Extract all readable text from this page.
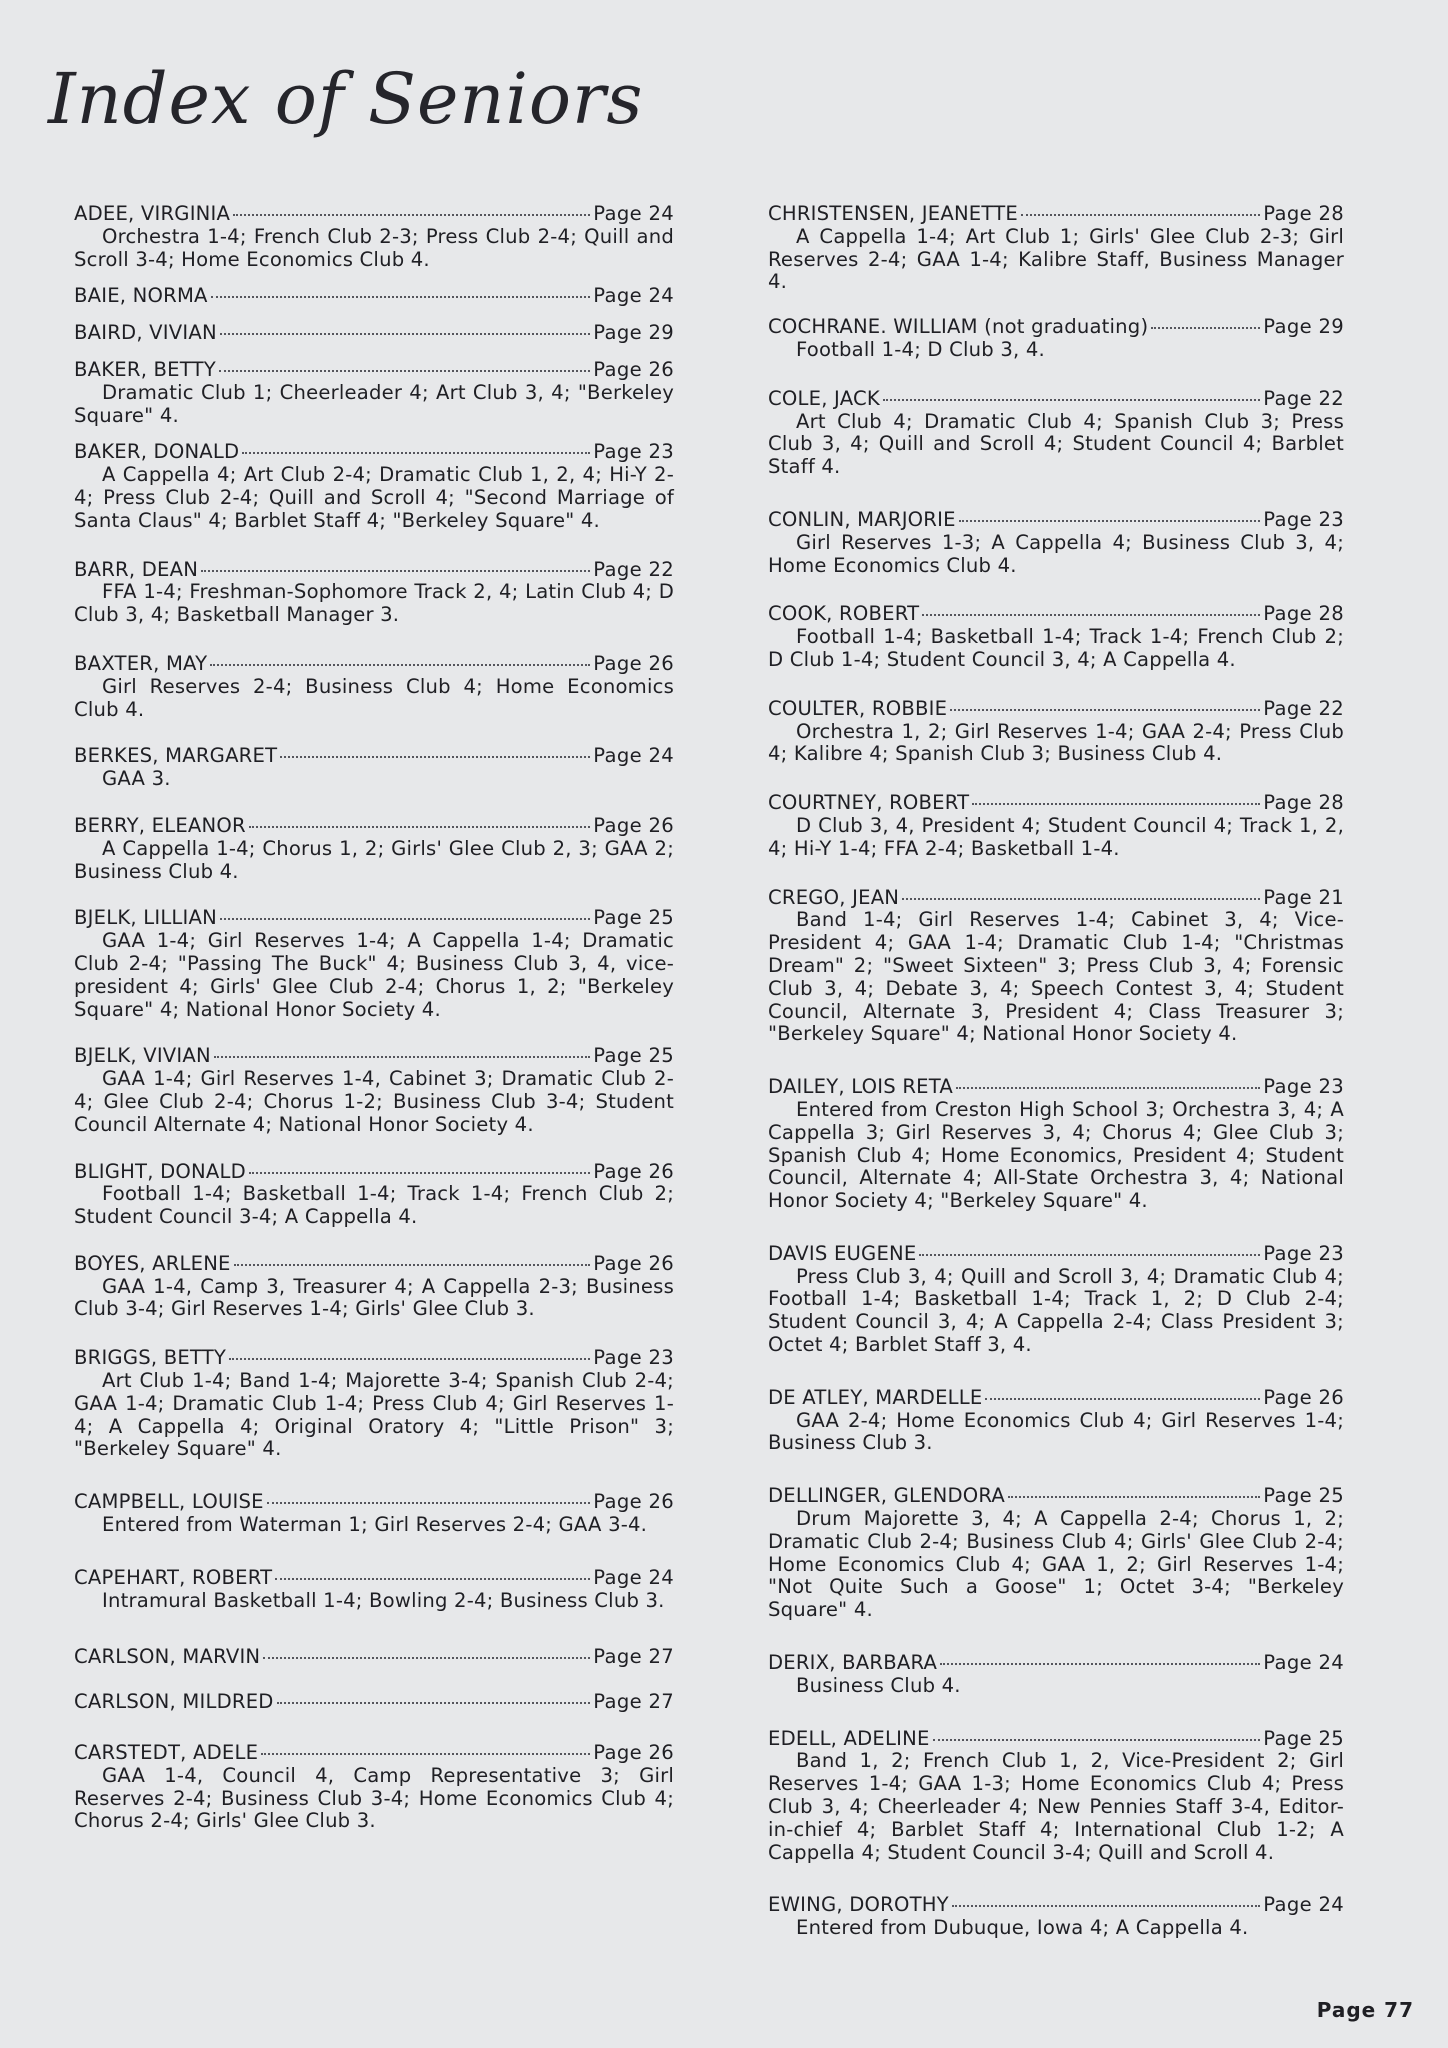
Index of Seniors
ADEE, VIRGINIA	Page 24
Orchestra 1-4; French Club 2-3; Press Club 2-4; Quill and Scroll 3-4; Home Economics Club 4.
BAIE, NORMA	Page 24
BAIRD, VIVIAN	Page 29
BAKER, BETTY	Page 26
Dramatic Club 1; Cheerleader 4; Art Club 3, 4; "Berkeley Square" 4.
BAKER, DONALD	Page 23
A Cappella 4; Art Club 2-4; Dramatic Club 1, 2, 4; Hi-Y 2-4; Press Club 2-4; Quill and Scroll 4; "Second Marriage of Santa Claus" 4; Barblet Staff 4; "Berkeley Square" 4.
BARR, DEAN	Page 22
FFA 1-4; Freshman-Sophomore Track 2, 4; Latin Club 4; D Club 3, 4; Basketball Manager 3.
BAXTER, MAY	Page 26
Girl Reserves 2-4; Business Club 4; Home Economics Club 4.
BERKES, MARGARET	Page 24
GAA 3.
BERRY, ELEANOR	Page 26
A Cappella 1-4; Chorus 1, 2; Girls' Glee Club 2, 3; GAA 2; Business Club 4.
BJELK, LILLIAN	Page 25
GAA 1-4; Girl Reserves 1-4; A Cappella 1-4; Dramatic Club 2-4; "Passing The Buck" 4; Business Club 3, 4, vice-president 4; Girls' Glee Club 2-4; Chorus 1, 2; "Berkeley Square" 4; National Honor Society 4.
BJELK, VIVIAN	Page 25
GAA 1-4; Girl Reserves 1-4, Cabinet 3; Dramatic Club 2-4; Glee Club 2-4; Chorus 1-2; Business Club 3-4; Student Council Alternate 4; National Honor Society 4.
BLIGHT, DONALD	Page 26
Football 1-4; Basketball 1-4; Track 1-4; French Club 2; Student Council 3-4; A Cappella 4.
BOYES, ARLENE	Page 26
GAA 1-4, Camp 3, Treasurer 4; A Cappella 2-3; Business Club 3-4; Girl Reserves 1-4; Girls' Glee Club 3.
BRIGGS, BETTY	Page 23
Art Club 1-4; Band 1-4; Majorette 3-4; Spanish Club 2-4; GAA 1-4; Dramatic Club 1-4; Press Club 4; Girl Reserves 1-4; A Cappella 4; Original Oratory 4; "Little Prison" 3; "Berkeley Square" 4.
CAMPBELL, LOUISE	Page 26
Entered from Waterman 1; Girl Reserves 2-4; GAA 3-4.
CAPEHART, ROBERT	Page 24
Intramural Basketball 1-4; Bowling 2-4; Business Club 3.
CARLSON, MARVIN	Page 27
CARLSON, MILDRED	Page 27
CARSTEDT, ADELE	Page 26
GAA 1-4, Council 4, Camp Representative 3; Girl Reserves 2-4; Business Club 3-4; Home Economics Club 4; Chorus 2-4; Girls' Glee Club 3.
CHRISTENSEN, JEANETTE	Page 28
A Cappella 1-4; Art Club 1; Girls' Glee Club 2-3; Girl Reserves 2-4; GAA 1-4; Kalibre Staff, Business Manager 4.
COCHRANE. WILLIAM (not graduating)	Page 29
Football 1-4; D Club 3, 4.
COLE, JACK	Page 22
Art Club 4; Dramatic Club 4; Spanish Club 3; Press Club 3, 4; Quill and Scroll 4; Student Council 4; Barblet Staff 4.
CONLIN, MARJORIE	Page 23
Girl Reserves 1-3; A Cappella 4; Business Club 3, 4; Home Economics Club 4.
COOK, ROBERT	Page 28
Football 1-4; Basketball 1-4; Track 1-4; French Club 2; D Club 1-4; Student Council 3, 4; A Cappella 4.
COULTER, ROBBIE	Page 22
Orchestra 1, 2; Girl Reserves 1-4; GAA 2-4; Press Club 4; Kalibre 4; Spanish Club 3; Business Club 4.
COURTNEY, ROBERT	Page 28
D Club 3, 4, President 4; Student Council 4; Track 1, 2, 4; Hi-Y 1-4; FFA 2-4; Basketball 1-4.
CREGO, JEAN	Page 21
Band 1-4; Girl Reserves 1-4; Cabinet 3, 4; Vice-President 4; GAA 1-4; Dramatic Club 1-4; "Christmas Dream" 2; "Sweet Sixteen" 3; Press Club 3, 4; Forensic Club 3, 4; Debate 3, 4; Speech Contest 3, 4; Student Council, Alternate 3, President 4; Class Treasurer 3; "Berkeley Square" 4; National Honor Society 4.
DAILEY, LOIS RETA	Page 23
Entered from Creston High School 3; Orchestra 3, 4; A Cappella 3; Girl Reserves 3, 4; Chorus 4; Glee Club 3; Spanish Club 4; Home Economics, President 4; Student Council, Alternate 4; All-State Orchestra 3, 4; National Honor Society 4; "Berkeley Square" 4.
DAVIS EUGENE	Page 23
Press Club 3, 4; Quill and Scroll 3, 4; Dramatic Club 4; Football 1-4; Basketball 1-4; Track 1, 2; D Club 2-4; Student Council 3, 4; A Cappella 2-4; Class President 3; Octet 4; Barblet Staff 3, 4.
DE ATLEY, MARDELLE	Page 26
GAA 2-4; Home Economics Club 4; Girl Reserves 1-4; Business Club 3.
DELLINGER, GLENDORA	Page 25
Drum Majorette 3, 4; A Cappella 2-4; Chorus 1, 2; Dramatic Club 2-4; Business Club 4; Girls' Glee Club 2-4; Home Economics Club 4; GAA 1, 2; Girl Reserves 1-4; "Not Quite Such a Goose" 1; Octet 3-4; "Berkeley Square" 4.
DERIX, BARBARA	Page 24
Business Club 4.
EDELL, ADELINE	Page 25
Band 1, 2; French Club 1, 2, Vice-President 2; Girl Reserves 1-4; GAA 1-3; Home Economics Club 4; Press Club 3, 4; Cheerleader 4; New Pennies Staff 3-4, Editor-in-chief 4; Barblet Staff 4; International Club 1-2; A Cappella 4; Student Council 3-4; Quill and Scroll 4.
EWING, DOROTHY	Page 24
Entered from Dubuque, Iowa 4; A Cappella 4.
Page 77
